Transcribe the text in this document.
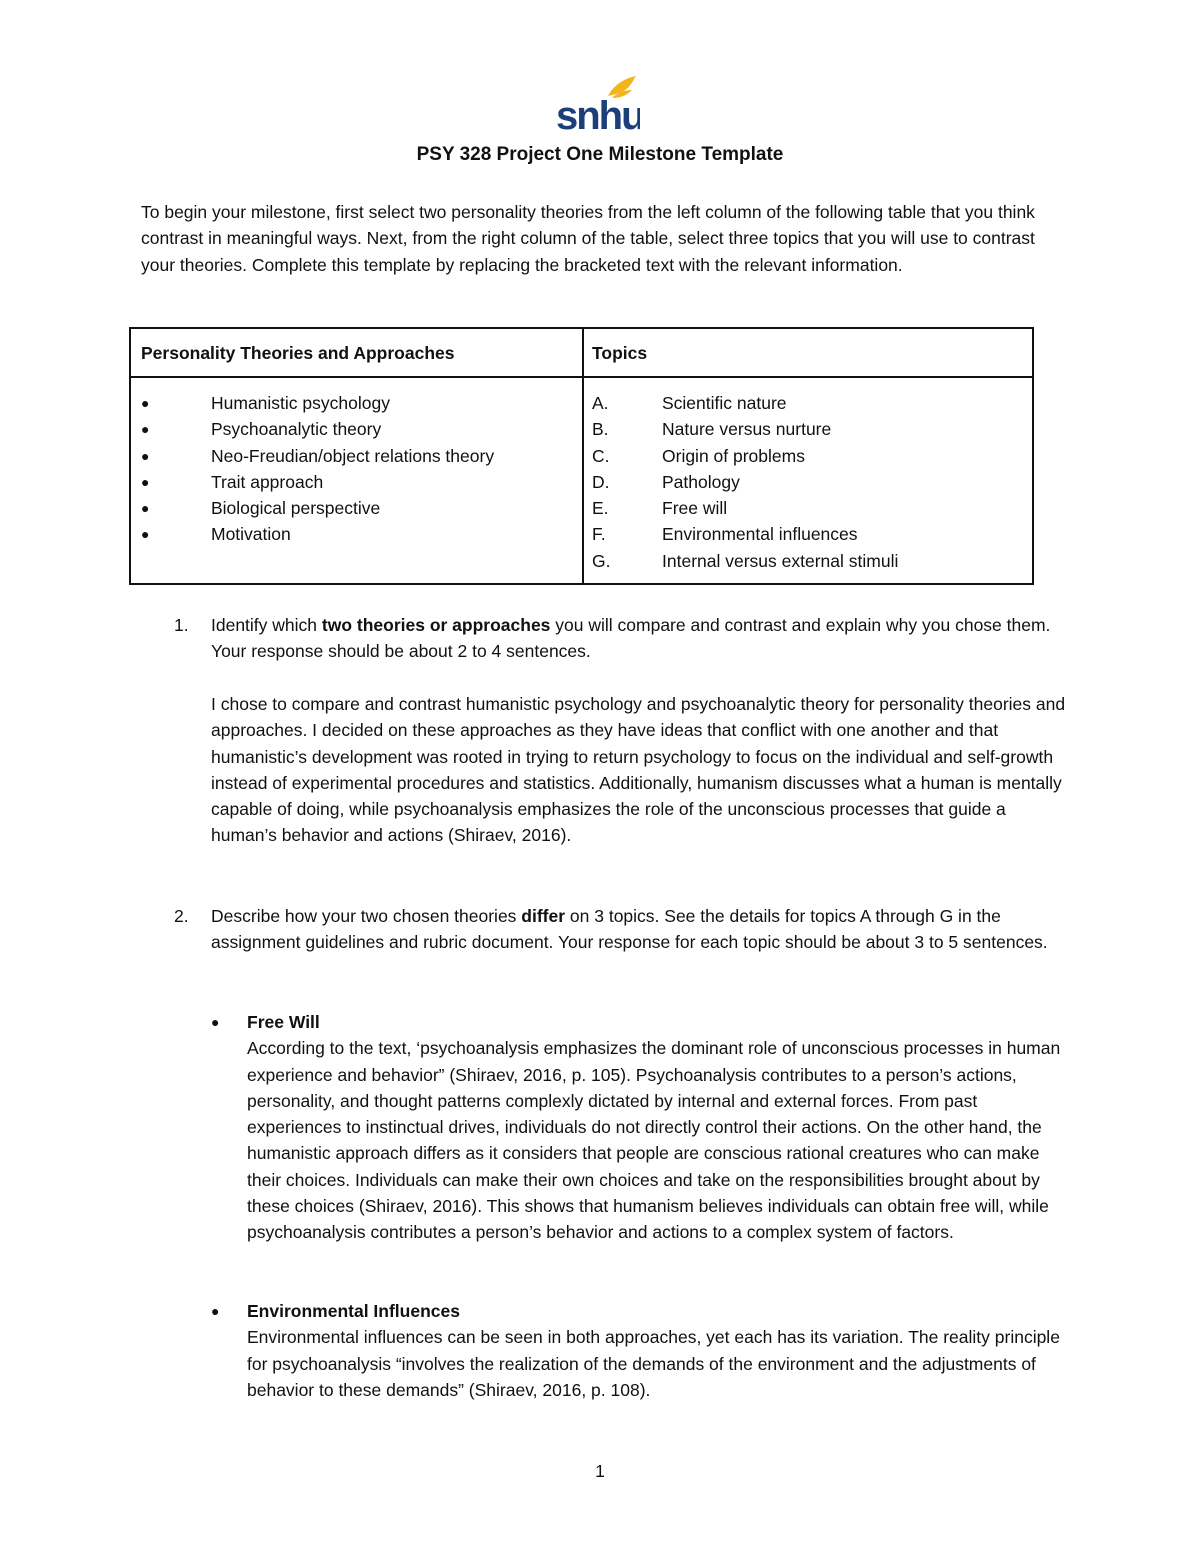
snhu
PSY 328 Project One Milestone Template
To begin your milestone, first select two personality theories from the left column of the following table that you think contrast in meaningful ways. Next, from the right column of the table, select three topics that you will use to contrast your theories. Complete this template by replacing the bracketed text with the relevant information.
Personality Theories and Approaches	Topics
●	Humanistic psychology
●	Psychoanalytic theory
●	Neo-Freudian/object relations theory
●	Trait approach
●	Biological perspective
●	Motivation
A.	Scientific nature
B.	Nature versus nurture
C.	Origin of problems
D.	Pathology
E.	Free will
F.	Environmental influences
G.	Internal versus external stimuli
1. Identify which two theories or approaches you will compare and contrast and explain why you chose them. Your response should be about 2 to 4 sentences.
I chose to compare and contrast humanistic psychology and psychoanalytic theory for personality theories and approaches. I decided on these approaches as they have ideas that conflict with one another and that humanistic’s development was rooted in trying to return psychology to focus on the individual and self-growth instead of experimental procedures and statistics. Additionally, humanism discusses what a human is mentally capable of doing, while psychoanalysis emphasizes the role of the unconscious processes that guide a human’s behavior and actions (Shiraev, 2016).
2. Describe how your two chosen theories differ on 3 topics. See the details for topics A through G in the assignment guidelines and rubric document. Your response for each topic should be about 3 to 5 sentences.
● Free Will
According to the text, ‘psychoanalysis emphasizes the dominant role of unconscious processes in human experience and behavior” (Shiraev, 2016, p. 105). Psychoanalysis contributes to a person’s actions, personality, and thought patterns complexly dictated by internal and external forces. From past experiences to instinctual drives, individuals do not directly control their actions. On the other hand, the humanistic approach differs as it considers that people are conscious rational creatures who can make their choices. Individuals can make their own choices and take on the responsibilities brought about by these choices (Shiraev, 2016). This shows that humanism believes individuals can obtain free will, while psychoanalysis contributes a person’s behavior and actions to a complex system of factors.
● Environmental Influences
Environmental influences can be seen in both approaches, yet each has its variation. The reality principle for psychoanalysis “involves the realization of the demands of the environment and the adjustments of behavior to these demands” (Shiraev, 2016, p. 108).
1
